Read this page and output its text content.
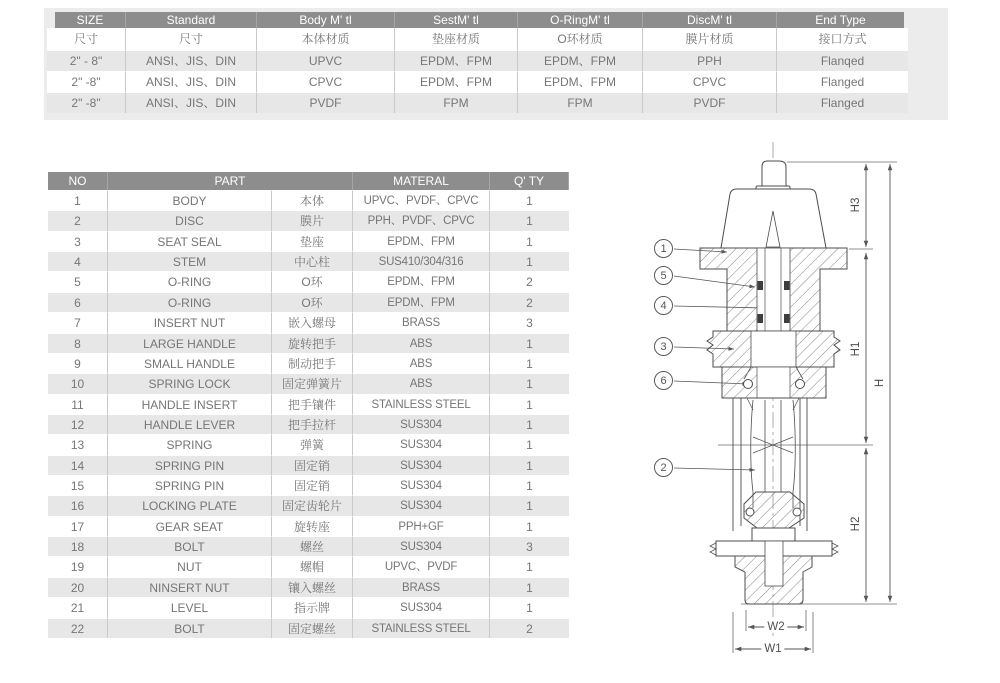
SIZE	Standard	Body M' tl	SestM' tl	O-RingM' tl	DiscM' tl	End Type
尺寸	尺寸	本体材质	垫座材质	O环材质	膜片材质	接口方式
2" - 8"	ANSI、JIS、DIN	UPVC	EPDM、FPM	EPDM、FPM	PPH	Flanqed
2" -8"	ANSI、JIS、DIN	CPVC	EPDM、FPM	EPDM、FPM	CPVC	Flanged
2" -8"	ANSI、JIS、DIN	PVDF	FPM	FPM	PVDF	Flanged
NO	PART	MATERAL	Q' TY
1	BODY	本体	UPVC、PVDF、CPVC	1
2	DISC	膜片	PPH、PVDF、CPVC	1
3	SEAT SEAL	垫座	EPDM、FPM	1
4	STEM	中心柱	SUS410/304/316	1
5	O-RING	O环	EPDM、FPM	2
6	O-RING	O环	EPDM、FPM	2
7	INSERT NUT	嵌入螺母	BRASS	3
8	LARGE HANDLE	旋转把手	ABS	1
9	SMALL HANDLE	制动把手	ABS	1
10	SPRING LOCK	固定弹簧片	ABS	1
11	HANDLE INSERT	把手镶件	STAINLESS STEEL	1
12	HANDLE LEVER	把手拉杆	SUS304	1
13	SPRING	弹簧	SUS304	1
14	SPRING PIN	固定销	SUS304	1
15	SPRING PIN	固定销	SUS304	1
16	LOCKING PLATE	固定齿轮片	SUS304	1
17	GEAR SEAT	旋转座	PPH+GF	1
18	BOLT	螺丝	SUS304	3
19	NUT	螺帽	UPVC、PVDF	1
20	NINSERT NUT	镶入螺丝	BRASS	1
21	LEVEL	指示牌	SUS304	1
22	BOLT	固定螺丝	STAINLESS STEEL	2
1
5
4
3
6
2
H3
H1
H2
H
W2
W1
